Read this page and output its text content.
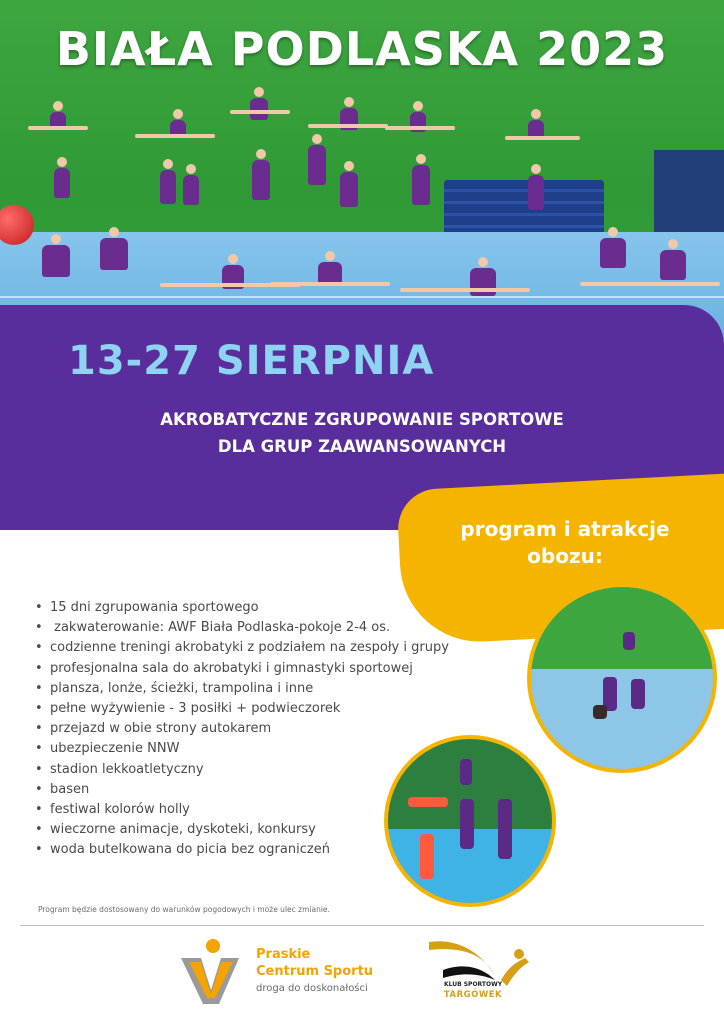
BIAŁA PODLASKA 2023
13-27 SIERPNIA
AKROBATYCZNE ZGRUPOWANIE SPORTOWE
DLA GRUP ZAAWANSOWANYCH
program i atrakcje
obozu:
• 15 dni zgrupowania sportowego
• zakwaterowanie: AWF Biała Podlaska-pokoje 2-4 os.
• codzienne treningi akrobatyki z podziałem na zespoły i grupy
• profesjonalna sala do akrobatyki i gimnastyki sportowej
• plansza, lonże, ścieżki, trampolina i inne
• pełne wyżywienie - 3 posiłki + podwieczorek
• przejazd w obie strony autokarem
• ubezpieczenie NNW
• stadion lekkoatletyczny
• basen
• festiwal kolorów holly
• wieczorne animacje, dyskoteki, konkursy
• woda butelkowana do picia bez ograniczeń
Program będzie dostosowany do warunków pogodowych i może ulec zmianie.
Praskie
Centrum Sportu
droga do doskonałości	KLUB SPORTOWY
TARGÓWEK
